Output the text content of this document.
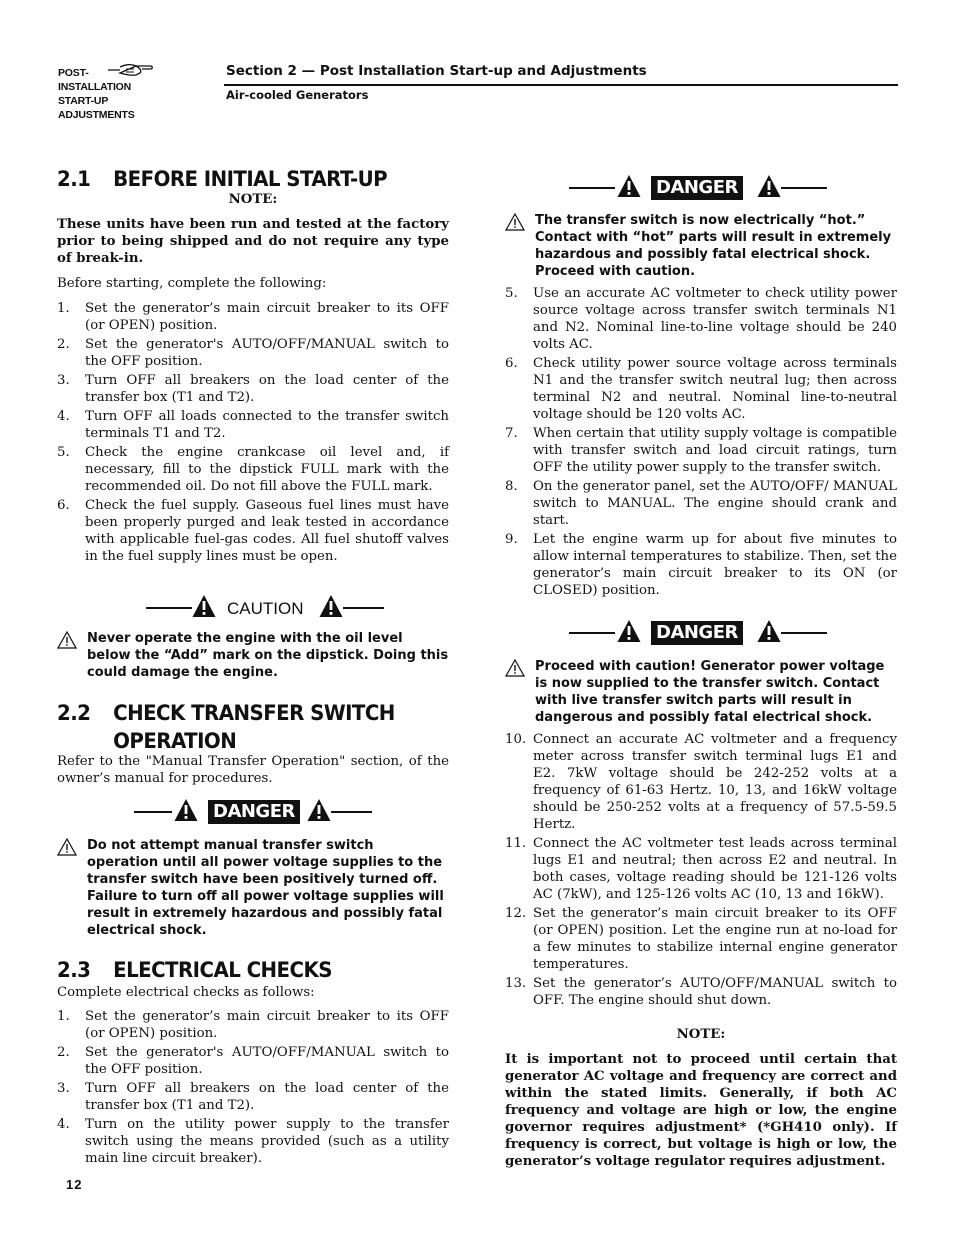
POST-
INSTALLATION
START-UP
ADJUSTMENTS
Section 2 — Post Installation Start-up and Adjustments
Air-cooled Generators
2.1 BEFORE INITIAL START-UP
NOTE:
These units have been run and tested at the factory prior to being shipped and do not require any type of break-in.
Before starting, complete the following:
1. Set the generator’s main circuit breaker to its OFF (or OPEN) position.
2. Set the generator's AUTO/OFF/MANUAL switch to the OFF position.
3. Turn OFF all breakers on the load center of the transfer box (T1 and T2).
4. Turn OFF all loads connected to the transfer switch terminals T1 and T2.
5. Check the engine crankcase oil level and, if necessary, fill to the dipstick FULL mark with the recommended oil. Do not fill above the FULL mark.
6. Check the fuel supply. Gaseous fuel lines must have been properly purged and leak tested in accordance with applicable fuel-gas codes. All fuel shutoff valves in the fuel supply lines must be open.
CAUTION
Never operate the engine with the oil level below the “Add” mark on the dipstick. Doing this could damage the engine.
2.2 CHECK TRANSFER SWITCH
OPERATION
Refer to the "Manual Transfer Operation" section, of the owner’s manual for procedures.
DANGER
Do not attempt manual transfer switch operation until all power voltage supplies to the transfer switch have been positively turned off. Failure to turn off all power voltage supplies will result in extremely hazardous and possibly fatal electrical shock.
2.3 ELECTRICAL CHECKS
Complete electrical checks as follows:
1. Set the generator’s main circuit breaker to its OFF (or OPEN) position.
2. Set the generator's AUTO/OFF/MANUAL switch to the OFF position.
3. Turn OFF all breakers on the load center of the transfer box (T1 and T2).
4. Turn on the utility power supply to the transfer switch using the means provided (such as a utility main line circuit breaker).
DANGER
The transfer switch is now electrically “hot.” Contact with “hot” parts will result in extremely hazardous and possibly fatal electrical shock. Proceed with caution.
5. Use an accurate AC voltmeter to check utility power source voltage across transfer switch terminals N1 and N2. Nominal line-to-line voltage should be 240 volts AC.
6. Check utility power source voltage across terminals N1 and the transfer switch neutral lug; then across terminal N2 and neutral. Nominal line-to-neutral voltage should be 120 volts AC.
7. When certain that utility supply voltage is compatible with transfer switch and load circuit ratings, turn OFF the utility power supply to the transfer switch.
8. On the generator panel, set the AUTO/OFF/ MANUAL switch to MANUAL. The engine should crank and start.
9. Let the engine warm up for about five minutes to allow internal temperatures to stabilize. Then, set the generator’s main circuit breaker to its ON (or CLOSED) position.
DANGER
Proceed with caution! Generator power voltage is now supplied to the transfer switch. Contact with live transfer switch parts will result in dangerous and possibly fatal electrical shock.
10. Connect an accurate AC voltmeter and a frequency meter across transfer switch terminal lugs E1 and E2. 7kW voltage should be 242-252 volts at a frequency of 61-63 Hertz. 10, 13, and 16kW voltage should be 250-252 volts at a frequency of 57.5-59.5 Hertz.
11. Connect the AC voltmeter test leads across terminal lugs E1 and neutral; then across E2 and neutral. In both cases, voltage reading should be 121-126 volts AC (7kW), and 125-126 volts AC (10, 13 and 16kW).
12. Set the generator’s main circuit breaker to its OFF (or OPEN) position. Let the engine run at no-load for a few minutes to stabilize internal engine generator temperatures.
13. Set the generator’s AUTO/OFF/MANUAL switch to OFF. The engine should shut down.
NOTE:
It is important not to proceed until certain that generator AC voltage and frequency are correct and within the stated limits. Generally, if both AC frequency and voltage are high or low, the engine governor requires adjustment* (*GH410 only). If frequency is correct, but voltage is high or low, the generator’s voltage regulator requires adjustment.
12
